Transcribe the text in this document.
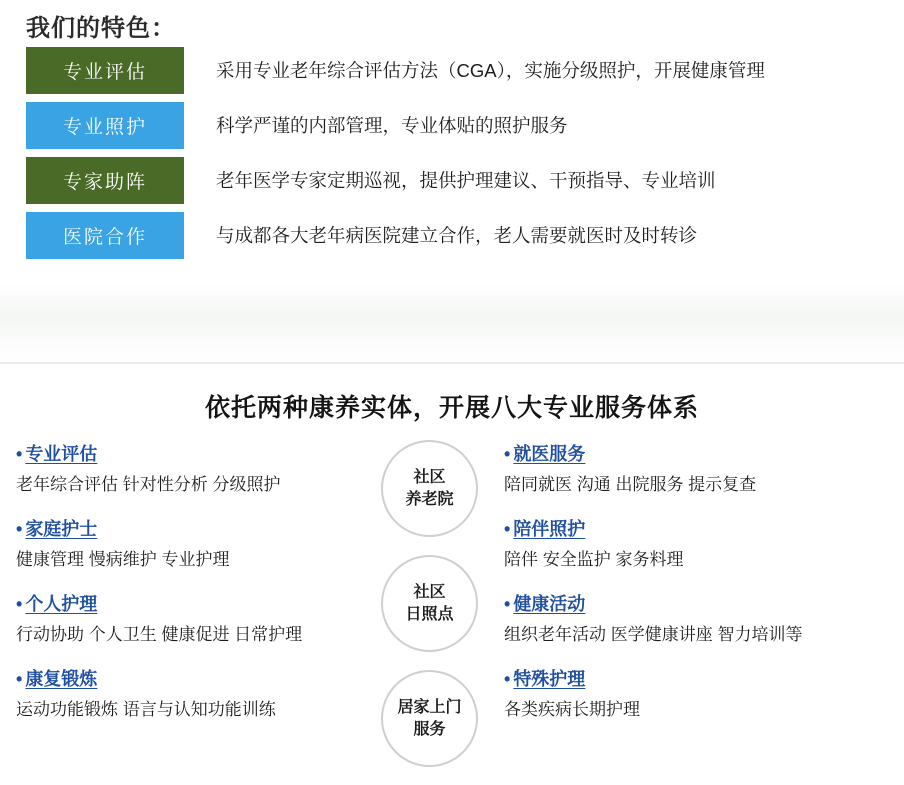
我们的特色：
专业评估	采用专业老年综合评估方法（CGA），实施分级照护，开展健康管理
专业照护	科学严谨的内部管理，专业体贴的照护服务
专家助阵	老年医学专家定期巡视，提供护理建议、干预指导、专业培训
医院合作	与成都各大老年病医院建立合作，老人需要就医时及时转诊
依托两种康养实体，开展八大专业服务体系
社区
养老院
社区
日照点
居家上门
服务
• 专业评估
老年综合评估 针对性分析 分级照护
• 家庭护士
健康管理 慢病维护 专业护理
• 个人护理
行动协助 个人卫生 健康促进 日常护理
• 康复锻炼
运动功能锻炼 语言与认知功能训练
• 就医服务
陪同就医 沟通 出院服务 提示复查
• 陪伴照护
陪伴 安全监护 家务料理
• 健康活动
组织老年活动 医学健康讲座 智力培训等
• 特殊护理
各类疾病长期护理
